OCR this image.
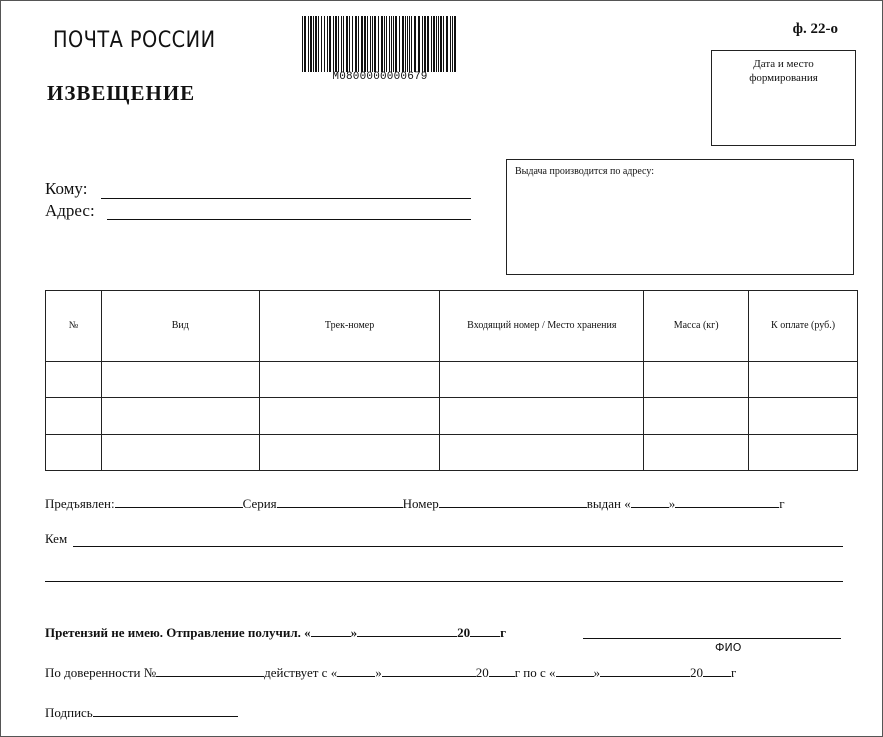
ПОЧТА РОССИИ
ИЗВЕЩЕНИЕ
ф. 22-о
M0800000000679
Дата и место
формирования
Выдача производится по адресу:
Кому:
Адрес:
№	Вид	Трек-номер	Входящий номер / Место хранения	Масса (кг)	К оплате (руб.)

Предъявлен:	Серия	Номер	выдан «	»	г
Кем
Претензий не имею. Отправление получил. «	»	20 г
ФИО
По доверенности №	действует с «	»	20 г по с «	»	20 г
Подпись
